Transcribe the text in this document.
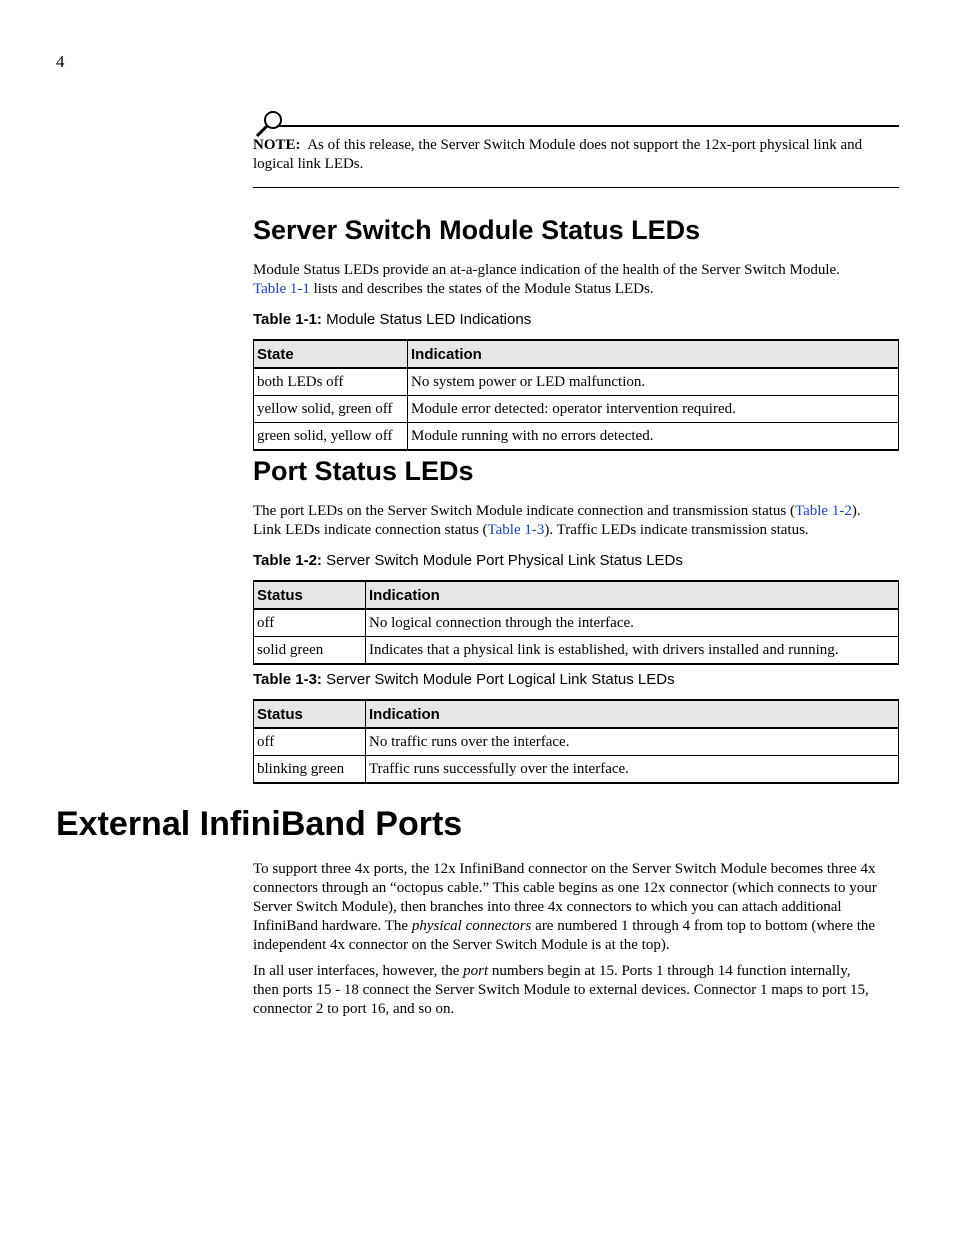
4

NOTE: As of this release, the Server Switch Module does not support the 12x-port physical link and logical link LEDs.

Server Switch Module Status LEDs

Module Status LEDs provide an at-a-glance indication of the health of the Server Switch Module.
Table 1-1 lists and describes the states of the Module Status LEDs.

Table 1-1: Module Status LED Indications
State	Indication
both LEDs off	No system power or LED malfunction.
yellow solid, green off	Module error detected: operator intervention required.
green solid, yellow off	Module running with no errors detected.
Port Status LEDs

The port LEDs on the Server Switch Module indicate connection and transmission status (Table 1-2).
Link LEDs indicate connection status (Table 1-3). Traffic LEDs indicate transmission status.

Table 1-2: Server Switch Module Port Physical Link Status LEDs
Status	Indication
off	No logical connection through the interface.
solid green	Indicates that a physical link is established, with drivers installed and running.
Table 1-3: Server Switch Module Port Logical Link Status LEDs
Status	Indication
off	No traffic runs over the interface.
blinking green	Traffic runs successfully over the interface.
External InfiniBand Ports

To support three 4x ports, the 12x InfiniBand connector on the Server Switch Module becomes three 4x
connectors through an “octopus cable.” This cable begins as one 12x connector (which connects to your
Server Switch Module), then branches into three 4x connectors to which you can attach additional
InfiniBand hardware. The physical connectors are numbered 1 through 4 from top to bottom (where the
independent 4x connector on the Server Switch Module is at the top).

In all user interfaces, however, the port numbers begin at 15. Ports 1 through 14 function internally,
then ports 15 - 18 connect the Server Switch Module to external devices. Connector 1 maps to port 15,
connector 2 to port 16, and so on.
